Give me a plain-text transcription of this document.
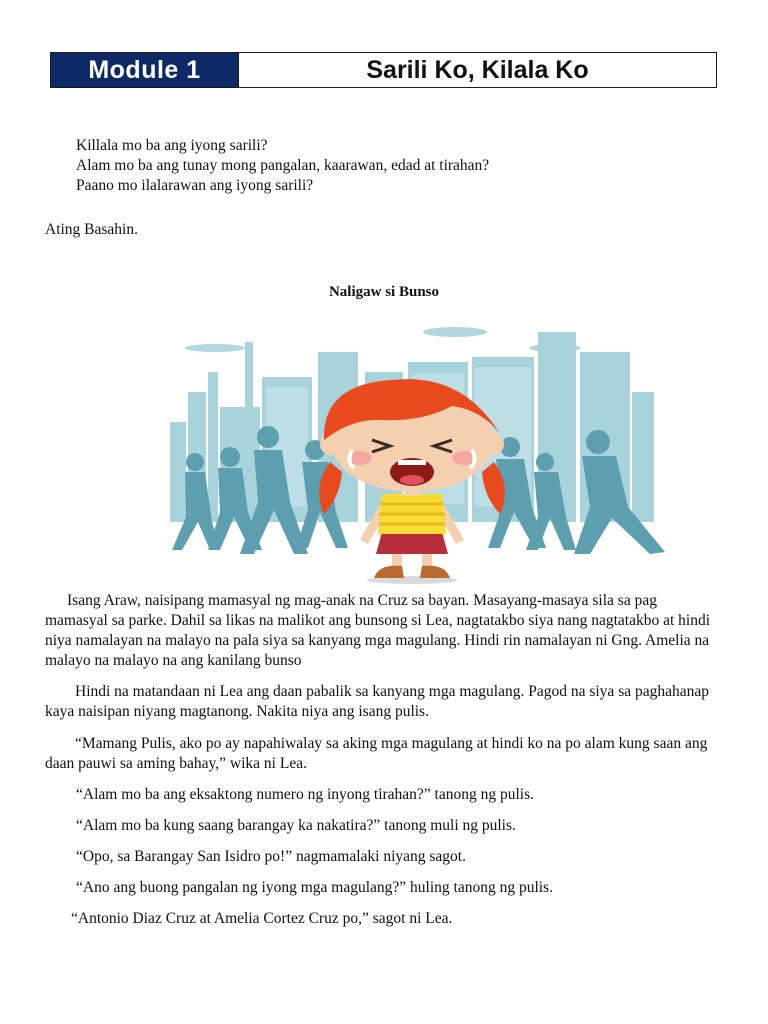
Module 1	Sarili Ko, Kilala Ko
Killala mo ba ang iyong sarili?
Alam mo ba ang tunay mong pangalan, kaarawan, edad at tirahan?
Paano mo ilalarawan ang iyong sarili?
Ating Basahin.
Naligaw si Bunso

Isang Araw, naisipang mamasyal ng mag-anak na Cruz sa bayan. Masayang-masaya sila sa pag mamasyal sa parke. Dahil sa likas na malikot ang bunsong si Lea, nagtatakbo siya nang nagtatakbo at hindi niya namalayan na malayo na pala siya sa kanyang mga magulang. Hindi rin namalayan ni Gng. Amelia na malayo na malayo na ang kanilang bunso

Hindi na matandaan ni Lea ang daan pabalik sa kanyang mga magulang. Pagod na siya sa paghahanap kaya naisipan niyang magtanong. Nakita niya ang isang pulis.

“Mamang Pulis, ako po ay napahiwalay sa aking mga magulang at hindi ko na po alam kung saan ang daan pauwi sa aming bahay,” wika ni Lea.

“Alam mo ba ang eksaktong numero ng inyong tirahan?” tanong ng pulis.
“Alam mo ba kung saang barangay ka nakatira?” tanong muli ng pulis.
“Opo, sa Barangay San Isidro po!” nagmamalaki niyang sagot.
“Ano ang buong pangalan ng iyong mga magulang?” huling tanong ng pulis.
“Antonio Diaz Cruz at Amelia Cortez Cruz po,” sagot ni Lea.
